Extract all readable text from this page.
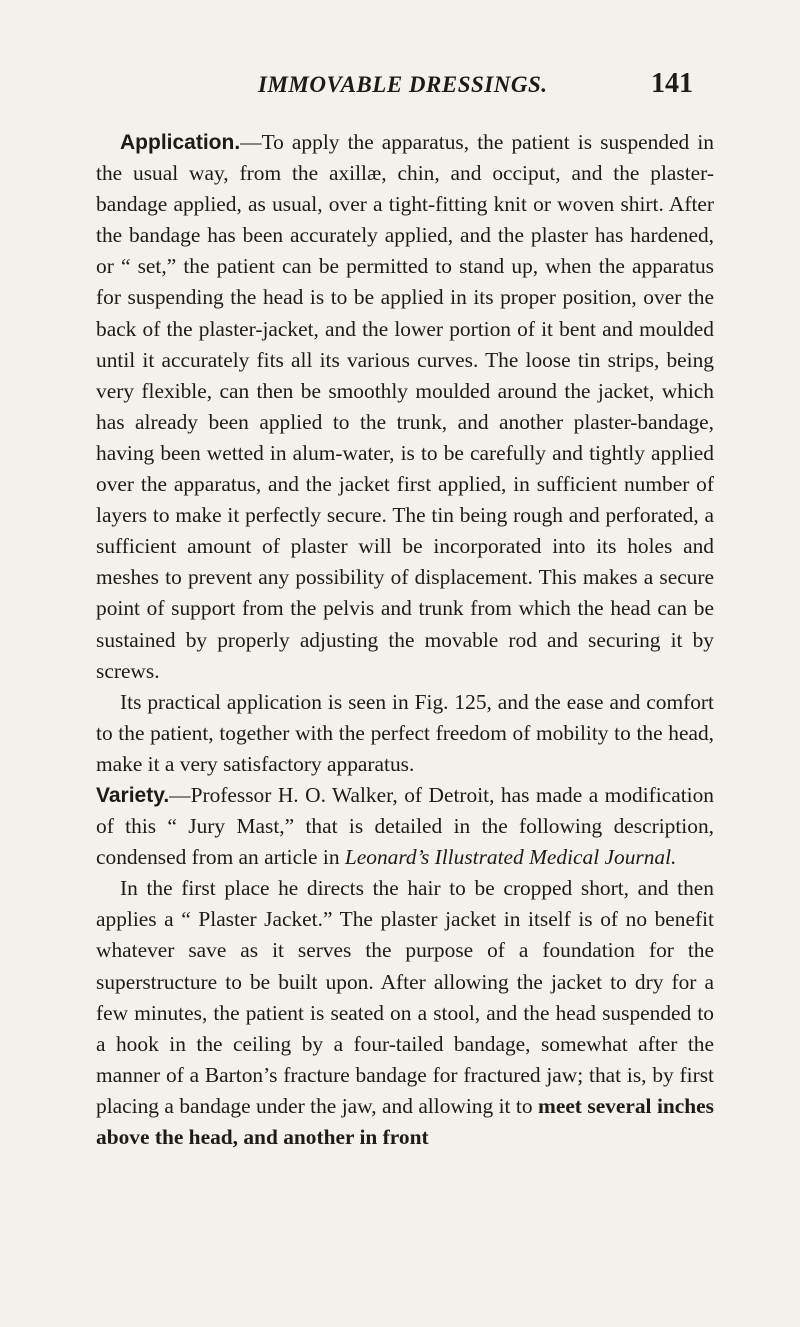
IMMOVABLE DRESSINGS.	141

Application.—To apply the apparatus, the patient is suspended in the usual way, from the axillæ, chin, and occiput, and the plaster-bandage applied, as usual, over a tight-fitting knit or woven shirt. After the bandage has been accurately applied, and the plaster has hardened, or “ set,” the patient can be permitted to stand up, when the apparatus for suspending the head is to be applied in its proper position, over the back of the plaster-jacket, and the lower portion of it bent and moulded until it accurately fits all its various curves. The loose tin strips, being very flexible, can then be smoothly moulded around the jacket, which has already been applied to the trunk, and another plaster-bandage, having been wetted in alum-water, is to be carefully and tightly applied over the apparatus, and the jacket first applied, in sufficient number of layers to make it perfectly secure. The tin being rough and perforated, a sufficient amount of plaster will be incorporated into its holes and meshes to prevent any possibility of displacement. This makes a secure point of support from the pelvis and trunk from which the head can be sustained by properly adjusting the movable rod and securing it by screws.

Its practical application is seen in Fig. 125, and the ease and comfort to the patient, together with the perfect freedom of mobility to the head, make it a very satisfactory apparatus.

Variety.—Professor H. O. Walker, of Detroit, has made a modification of this “ Jury Mast,” that is detailed in the following description, condensed from an article in Leonard’s Illustrated Medical Journal.

In the first place he directs the hair to be cropped short, and then applies a “ Plaster Jacket.” The plaster jacket in itself is of no benefit whatever save as it serves the purpose of a foundation for the superstructure to be built upon. After allowing the jacket to dry for a few minutes, the patient is seated on a stool, and the head suspended to a hook in the ceiling by a four-tailed bandage, somewhat after the manner of a Barton’s fracture bandage for fractured jaw; that is, by first placing a bandage under the jaw, and allowing it to meet several inches above the head, and another in front
